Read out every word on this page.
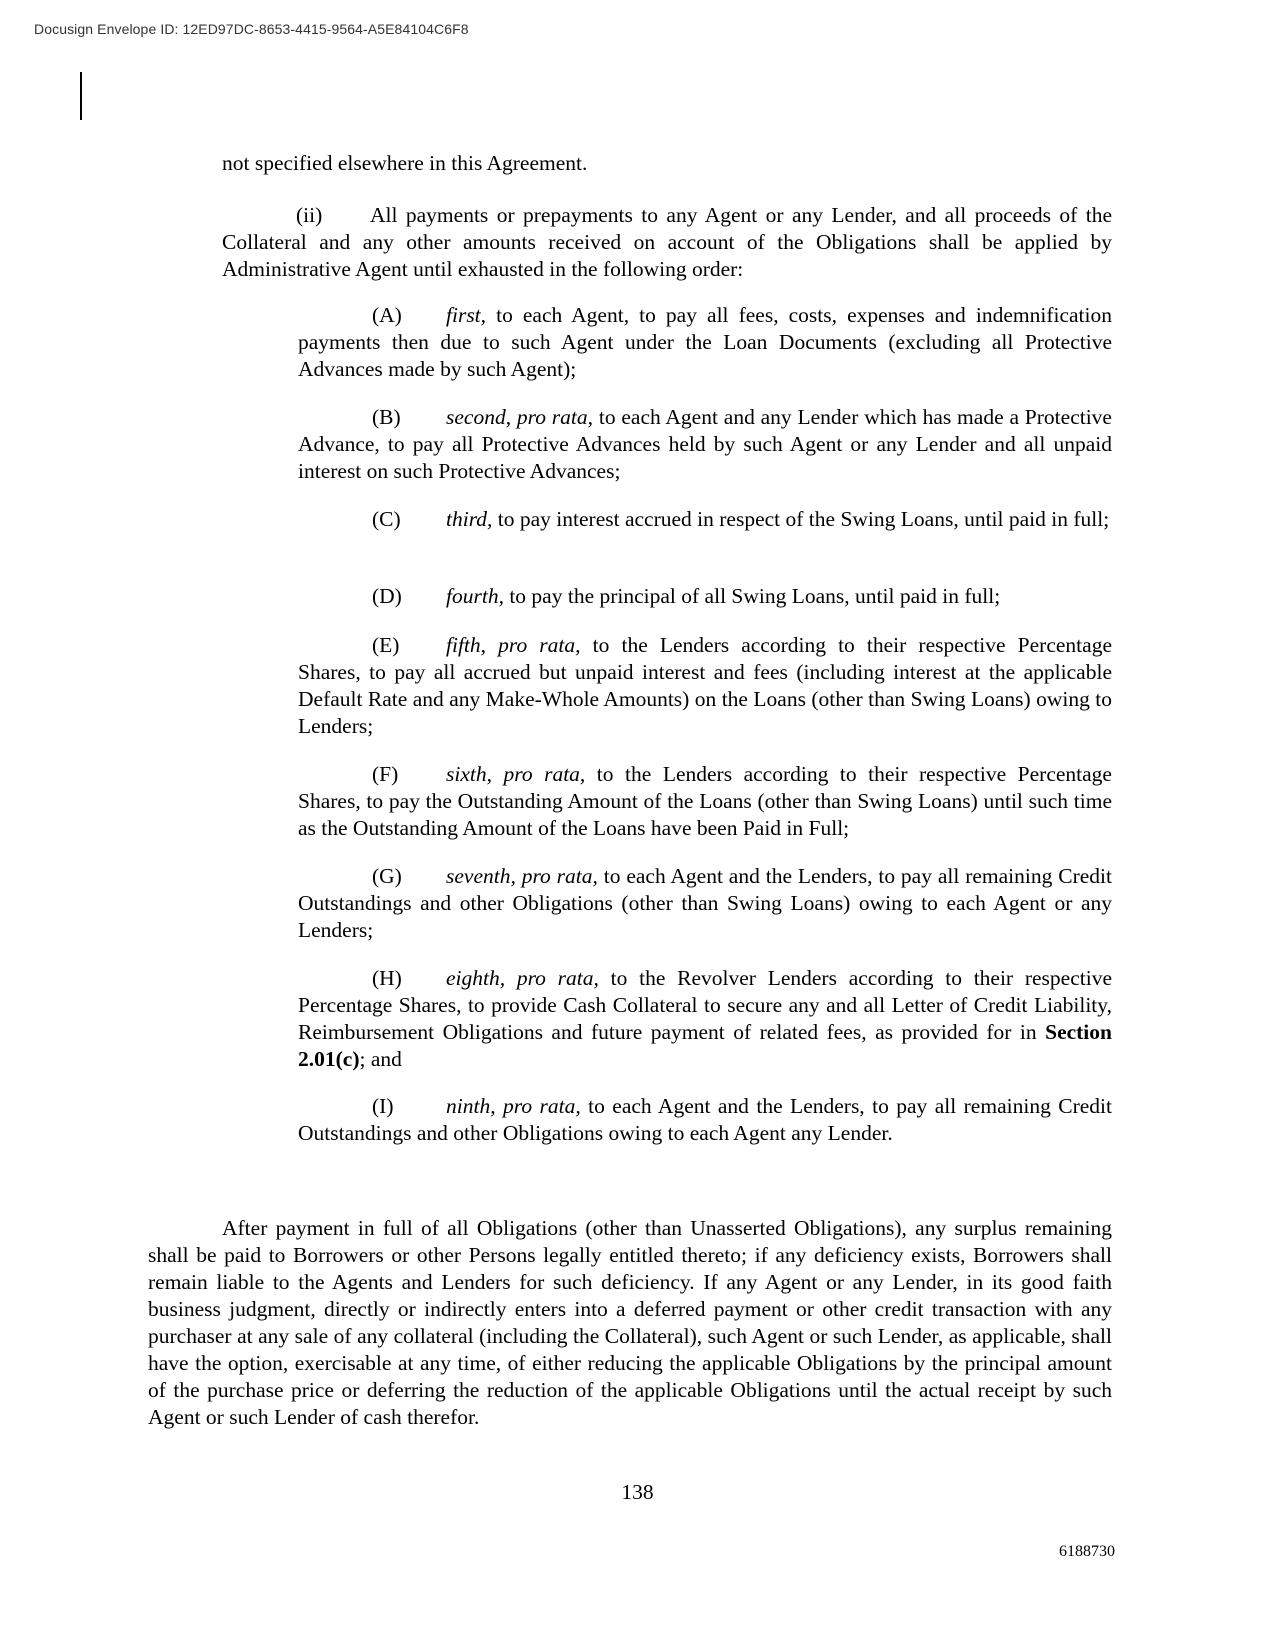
Docusign Envelope ID: 12ED97DC-8653-4415-9564-A5E84104C6F8

not specified elsewhere in this Agreement.

(ii) All payments or prepayments to any Agent or any Lender, and all proceeds of the Collateral and any other amounts received on account of the Obligations shall be applied by Administrative Agent until exhausted in the following order:

(A) first, to each Agent, to pay all fees, costs, expenses and indemnification payments then due to such Agent under the Loan Documents (excluding all Protective Advances made by such Agent);

(B) second, pro rata, to each Agent and any Lender which has made a Protective Advance, to pay all Protective Advances held by such Agent or any Lender and all unpaid interest on such Protective Advances;

(C) third, to pay interest accrued in respect of the Swing Loans, until paid in full;

(D) fourth, to pay the principal of all Swing Loans, until paid in full;

(E) fifth, pro rata, to the Lenders according to their respective Percentage Shares, to pay all accrued but unpaid interest and fees (including interest at the applicable Default Rate and any Make-Whole Amounts) on the Loans (other than Swing Loans) owing to Lenders;

(F) sixth, pro rata, to the Lenders according to their respective Percentage Shares, to pay the Outstanding Amount of the Loans (other than Swing Loans) until such time as the Outstanding Amount of the Loans have been Paid in Full;

(G) seventh, pro rata, to each Agent and the Lenders, to pay all remaining Credit Outstandings and other Obligations (other than Swing Loans) owing to each Agent or any Lenders;

(H) eighth, pro rata, to the Revolver Lenders according to their respective Percentage Shares, to provide Cash Collateral to secure any and all Letter of Credit Liability, Reimbursement Obligations and future payment of related fees, as provided for in Section 2.01(c); and

(I) ninth, pro rata, to each Agent and the Lenders, to pay all remaining Credit Outstandings and other Obligations owing to each Agent any Lender.

After payment in full of all Obligations (other than Unasserted Obligations), any surplus remaining shall be paid to Borrowers or other Persons legally entitled thereto; if any deficiency exists, Borrowers shall remain liable to the Agents and Lenders for such deficiency. If any Agent or any Lender, in its good faith business judgment, directly or indirectly enters into a deferred payment or other credit transaction with any purchaser at any sale of any collateral (including the Collateral), such Agent or such Lender, as applicable, shall have the option, exercisable at any time, of either reducing the applicable Obligations by the principal amount of the purchase price or deferring the reduction of the applicable Obligations until the actual receipt by such Agent or such Lender of cash therefor.

138
6188730
